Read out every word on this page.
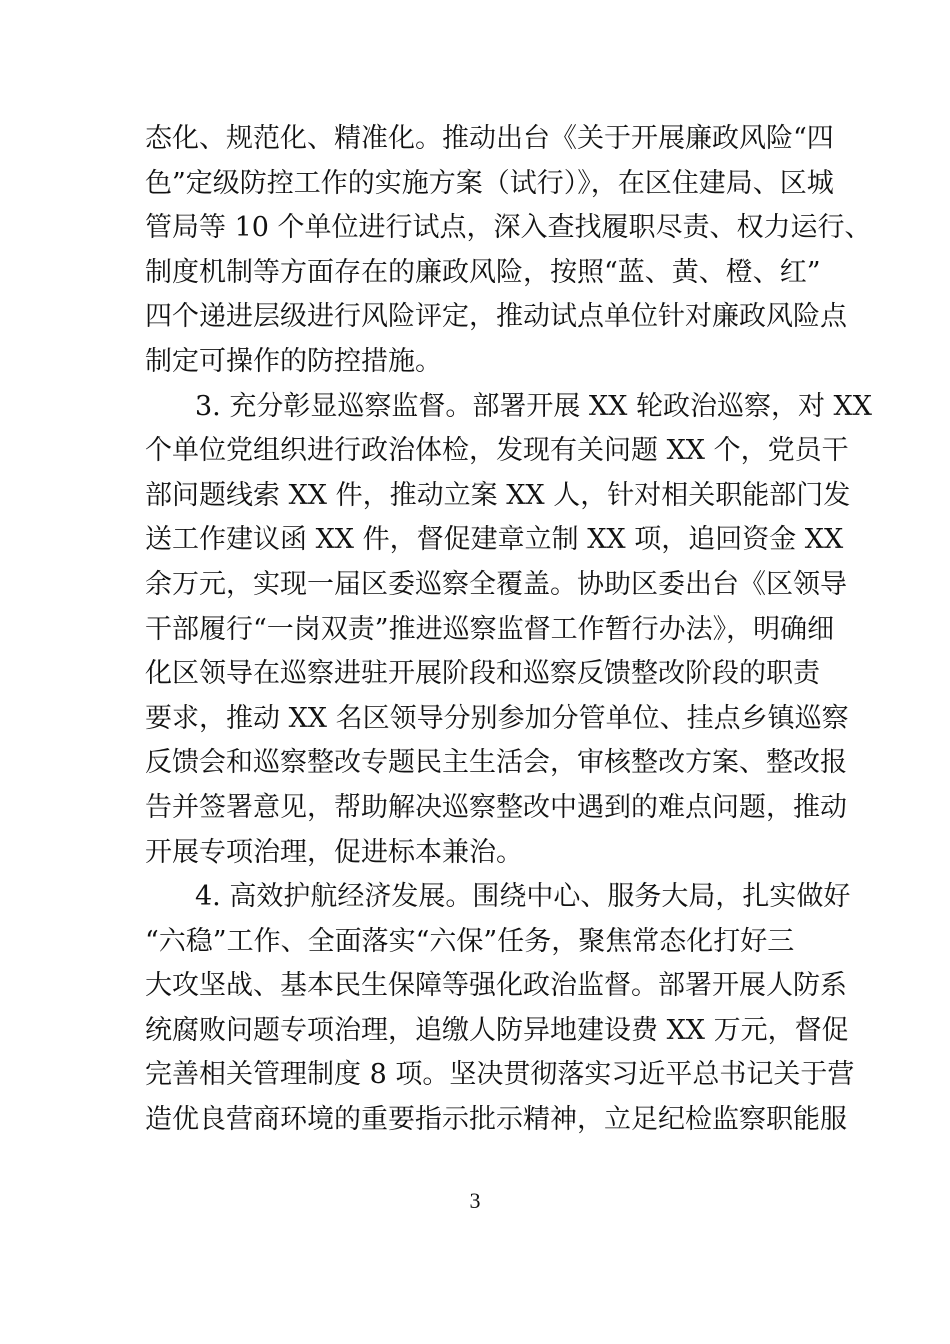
态化、规范化、精准化。推动出台《关于开展廉政风险“四
色”定级防控工作的实施方案（试行）》，在区住建局、区城
管局等 10 个单位进行试点，深入查找履职尽责、权力运行、
制度机制等方面存在的廉政风险，按照“蓝、黄、橙、红”
四个递进层级进行风险评定，推动试点单位针对廉政风险点
制定可操作的防控措施。
3. 充分彰显巡察监督。部署开展 XX 轮政治巡察，对 XX
个单位党组织进行政治体检，发现有关问题 XX 个，党员干
部问题线索 XX 件，推动立案 XX 人，针对相关职能部门发
送工作建议函 XX 件，督促建章立制 XX 项，追回资金 XX
余万元，实现一届区委巡察全覆盖。协助区委出台《区领导
干部履行“一岗双责”推进巡察监督工作暂行办法》，明确细
化区领导在巡察进驻开展阶段和巡察反馈整改阶段的职责
要求，推动 XX 名区领导分别参加分管单位、挂点乡镇巡察
反馈会和巡察整改专题民主生活会，审核整改方案、整改报
告并签署意见，帮助解决巡察整改中遇到的难点问题，推动
开展专项治理，促进标本兼治。
4. 高效护航经济发展。围绕中心、服务大局，扎实做好
“六稳”工作、全面落实“六保”任务，聚焦常态化打好三
大攻坚战、基本民生保障等强化政治监督。部署开展人防系
统腐败问题专项治理，追缴人防异地建设费 XX 万元，督促
完善相关管理制度 8 项。坚决贯彻落实习近平总书记关于营
造优良营商环境的重要指示批示精神，立足纪检监察职能服
3
